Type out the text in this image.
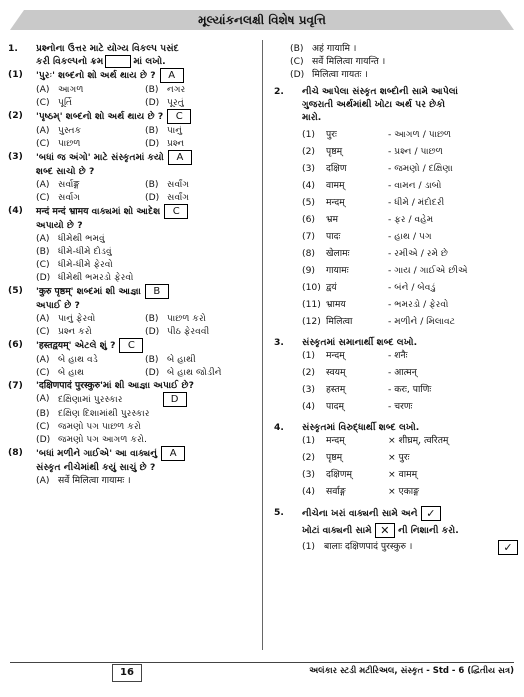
મૂલ્યાંકનલક્ષી વિશેષ પ્રવૃત્તિ
1.	પ્રશ્નોના ઉત્તર માટે યોગ્ય વિકલ્પ પસંદ
કરી વિકલ્પનો ક્રમ	માં લખો.
(1)	'પુરઃ' શબ્દનો શો અર્થ થાય છે ? A
(A) આગળ	(B) નગર
(C) પૂર્તિ	(D) પૂરતું
(2)	'પૃષ્ઠમ્' શબ્દનો શો અર્થ થાય છે ? C
(A) પુસ્તક	(B) પાનું
(C) પાછળ	(D) પ્રશ્ન
(3)	'બધાં જ અંગો' માટે સંસ્કૃતમાં કયો A
શબ્દ સાચો છે ?
(A) સર્વાङ्ग	(B) સર્વાંગ
(C) સર્વાગ	(D) સર્વાંગ
(4)	मन्दं मन्दं भ्रामय વાક્યમાં શો આદેશ C
અપાયો છે ?
(A) ધીમેથી ભમવું
(B) ધીમે-ધીમે દોડવું
(C) ધીમે-ધીમે ફેરવો
(D) ધીમેથી ભમરડો ફેરવો
(5)	'कुरु पृष्ठम्' શબ્દમાં શી આજ્ઞા B
અપાઈ છે ?
(A) પાનું ફેરવો	(B) પાછળ કરો
(C) પ્રશ્ન કરો	(D) પીઠ ફેરવવી
(6)	'हस्तद्वयम्' એટલે શું ? C
(A) બે હાથ વડે	(B) બે હાથી
(C) બે હાથ	(D) બે હાથ જોડીને
(7)	'दक्षिणपादं पुरस्कुरु'માં શી આજ્ઞા અપાઈ છે?
(A) દક્ષિણામાં પુરસ્કાર	D
(B) દક્ષિણ દિશામાંથી પુરસ્કાર
(C) જમણો પગ પાછળ કરો
(D) જમણો પગ આગળ કરો.
(8)	'બધાં મળીને ગાઈએ' આ વાક્યનું A
સંસ્કૃત નીચેમાંથી કયું સાચું છે ?
(A) सर्वे मिलित्वा गायामः ।
(B) अहं गायामि ।
(C) सर्वे मिलित्वा गायन्ति ।
(D) मिलित्वा गायतः ।
2.	નીચે આપેલા સંસ્કૃત શબ્દોની સામે આપેલાં
ગુજરાતી અર્થમાંથી ખોટા અર્થ પર છેકો
મારો.
(1)	पुरः	- આગળ / પાછળ
(2)	पृष्ठम्	- પ્રશ્ન / પાછળ
(3)	दक्षिण	- જમણો / દક્ષિણા
(4)	वामम्	- વામન / ડાબો
(5)	मन्दम्	- ધીમે / મંદોદરી
(6)	भ्रम	- ફર / વહેમ
(7)	पादः	- હાથ / પગ
(8)	खेलामः	- રમીએ / રમે છે
(9)	गायामः	- ગાય / ગાઈએ છીએ
(10) द्वयं	- બંને / બેવડું
(11) भ्रामय	- ભમરડો / ફેરવો
(12) मिलित्वा	- મળીને / મિલાવટ
3.	સંસ્કૃતમાં સમાનાર્થી શબ્દ લખો.
(1)	मन्दम्	- शनैः
(2)	स्वयम्	- आत्मन्
(3)	हस्तम्	- करः, पाणिः
(4)	पादम्	- चरणः
4.	સંસ્કૃતમાં વિરુદ્ધાર્થી શબ્દ લખો.
(1)	मन्दम्	× शीघ्रम्, त्वरितम्
(2)	पृष्ठम्	× पुरः
(3)	दक्षिणम्	× वामम्
(4)	सर्वाङ्ग	× एकाङ्ग
5.	નીચેના ખરાં વાક્યની સામે અને ✓
ખોટાં વાક્યની સામે ✕ ની નિશાની કરો.
(1) बालाः दक्षिणपादं पुरस्कुरु ।	✓
16	અલંકાર સ્ટડી મટીરિઅલ, સંસ્કૃત - Std - 6 (દ્વિતીય સત્ર)
